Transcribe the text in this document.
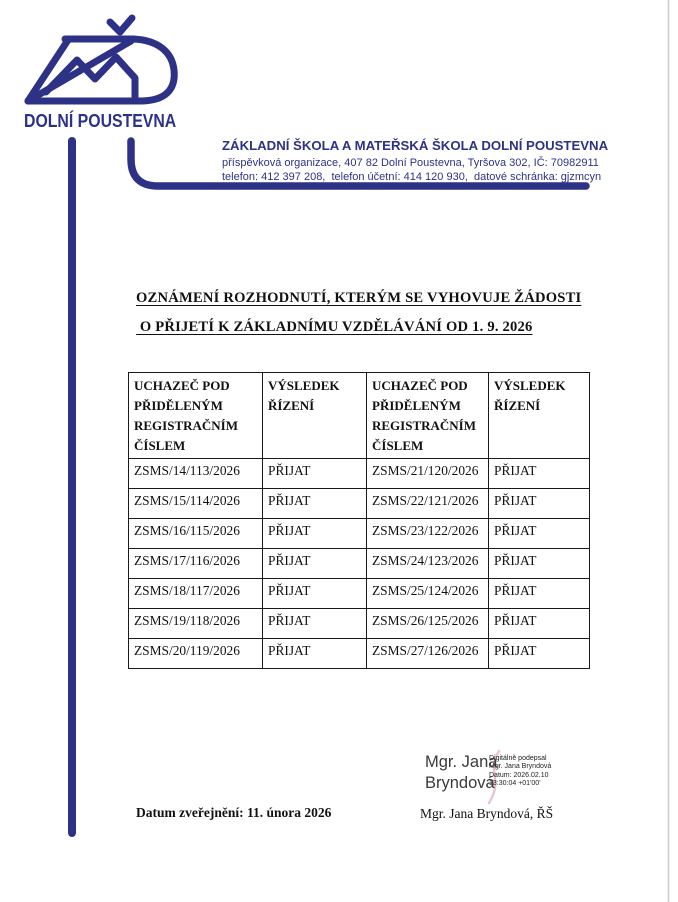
DOLNÍ POUSTEVNA
ZÁKLADNÍ ŠKOLA A MATEŘSKÁ ŠKOLA DOLNÍ POUSTEVNA
příspěvková organizace, 407 82 Dolní Poustevna, Tyršova 302, IČ: 70982911
telefon: 412 397 208,  telefon účetní: 414 120 930,  datové schránka: gjzmcyn
OZNÁMENÍ ROZHODNUTÍ, KTERÝM SE VYHOVUJE ŽÁDOSTI
O PŘIJETÍ K ZÁKLADNÍMU VZDĚLÁVÁNÍ OD 1. 9. 2026
UCHAZEČ POD PŘIDĚLENÝM REGISTRAČNÍM ČÍSLEM	VÝSLEDEK ŘÍZENÍ	UCHAZEČ POD PŘIDĚLENÝM REGISTRAČNÍM ČÍSLEM	VÝSLEDEK ŘÍZENÍ
ZSMS/14/113/2026	PŘIJAT	ZSMS/21/120/2026	PŘIJAT
ZSMS/15/114/2026	PŘIJAT	ZSMS/22/121/2026	PŘIJAT
ZSMS/16/115/2026	PŘIJAT	ZSMS/23/122/2026	PŘIJAT
ZSMS/17/116/2026	PŘIJAT	ZSMS/24/123/2026	PŘIJAT
ZSMS/18/117/2026	PŘIJAT	ZSMS/25/124/2026	PŘIJAT
ZSMS/19/118/2026	PŘIJAT	ZSMS/26/125/2026	PŘIJAT
ZSMS/20/119/2026	PŘIJAT	ZSMS/27/126/2026	PŘIJAT
Mgr. Jana
Bryndová
Digitálně podepsal
Mgr. Jana Bryndová
Datum: 2026.02.10
13:30:04 +01'00'
Datum zveřejnění: 11. února 2026	Mgr. Jana Bryndová, ŘŠ
